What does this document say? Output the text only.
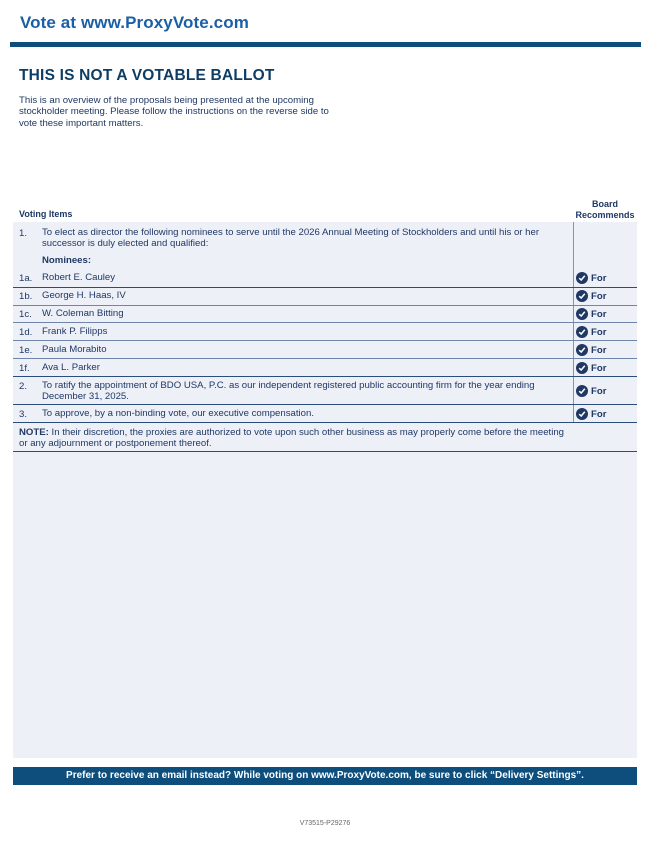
Vote at www.ProxyVote.com
THIS IS NOT A VOTABLE BALLOT
This is an overview of the proposals being presented at the upcoming stockholder meeting. Please follow the instructions on the reverse side to vote these important matters.
Voting Items
Board
Recommends
1. To elect as director the following nominees to serve until the 2026 Annual Meeting of Stockholders and until his or her successor is duly elected and qualified:
Nominees:
1a. Robert E. Cauley	For
1b. George H. Haas, IV	For
1c. W. Coleman Bitting	For
1d. Frank P. Filipps	For
1e. Paula Morabito	For
1f. Ava L. Parker	For
2. To ratify the appointment of BDO USA, P.C. as our independent registered public accounting firm for the year ending December 31, 2025.	For
3. To approve, by a non-binding vote, our executive compensation.	For
NOTE: In their discretion, the proxies are authorized to vote upon such other business as may properly come before the meeting or any adjournment or postponement thereof.
Prefer to receive an email instead? While voting on www.ProxyVote.com, be sure to click “Delivery Settings”.
V73515-P29276
